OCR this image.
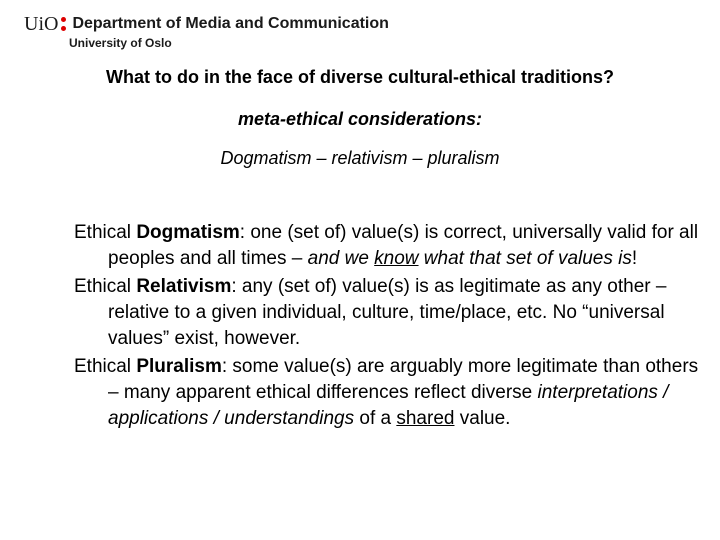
UiO Department of Media and Communication
University of Oslo

What to do in the face of diverse cultural-ethical traditions?

meta-ethical considerations:

Dogmatism – relativism – pluralism

Ethical Dogmatism: one (set of) value(s) is correct, universally valid for all peoples and all times – and we know what that set of values is!

Ethical Relativism: any (set of) value(s) is as legitimate as any other – relative to a given individual, culture, time/place, etc. No “universal values” exist, however.

Ethical Pluralism: some value(s) are arguably more legitimate than others – many apparent ethical differences reflect diverse interpretations / applications / understandings of a shared value.
